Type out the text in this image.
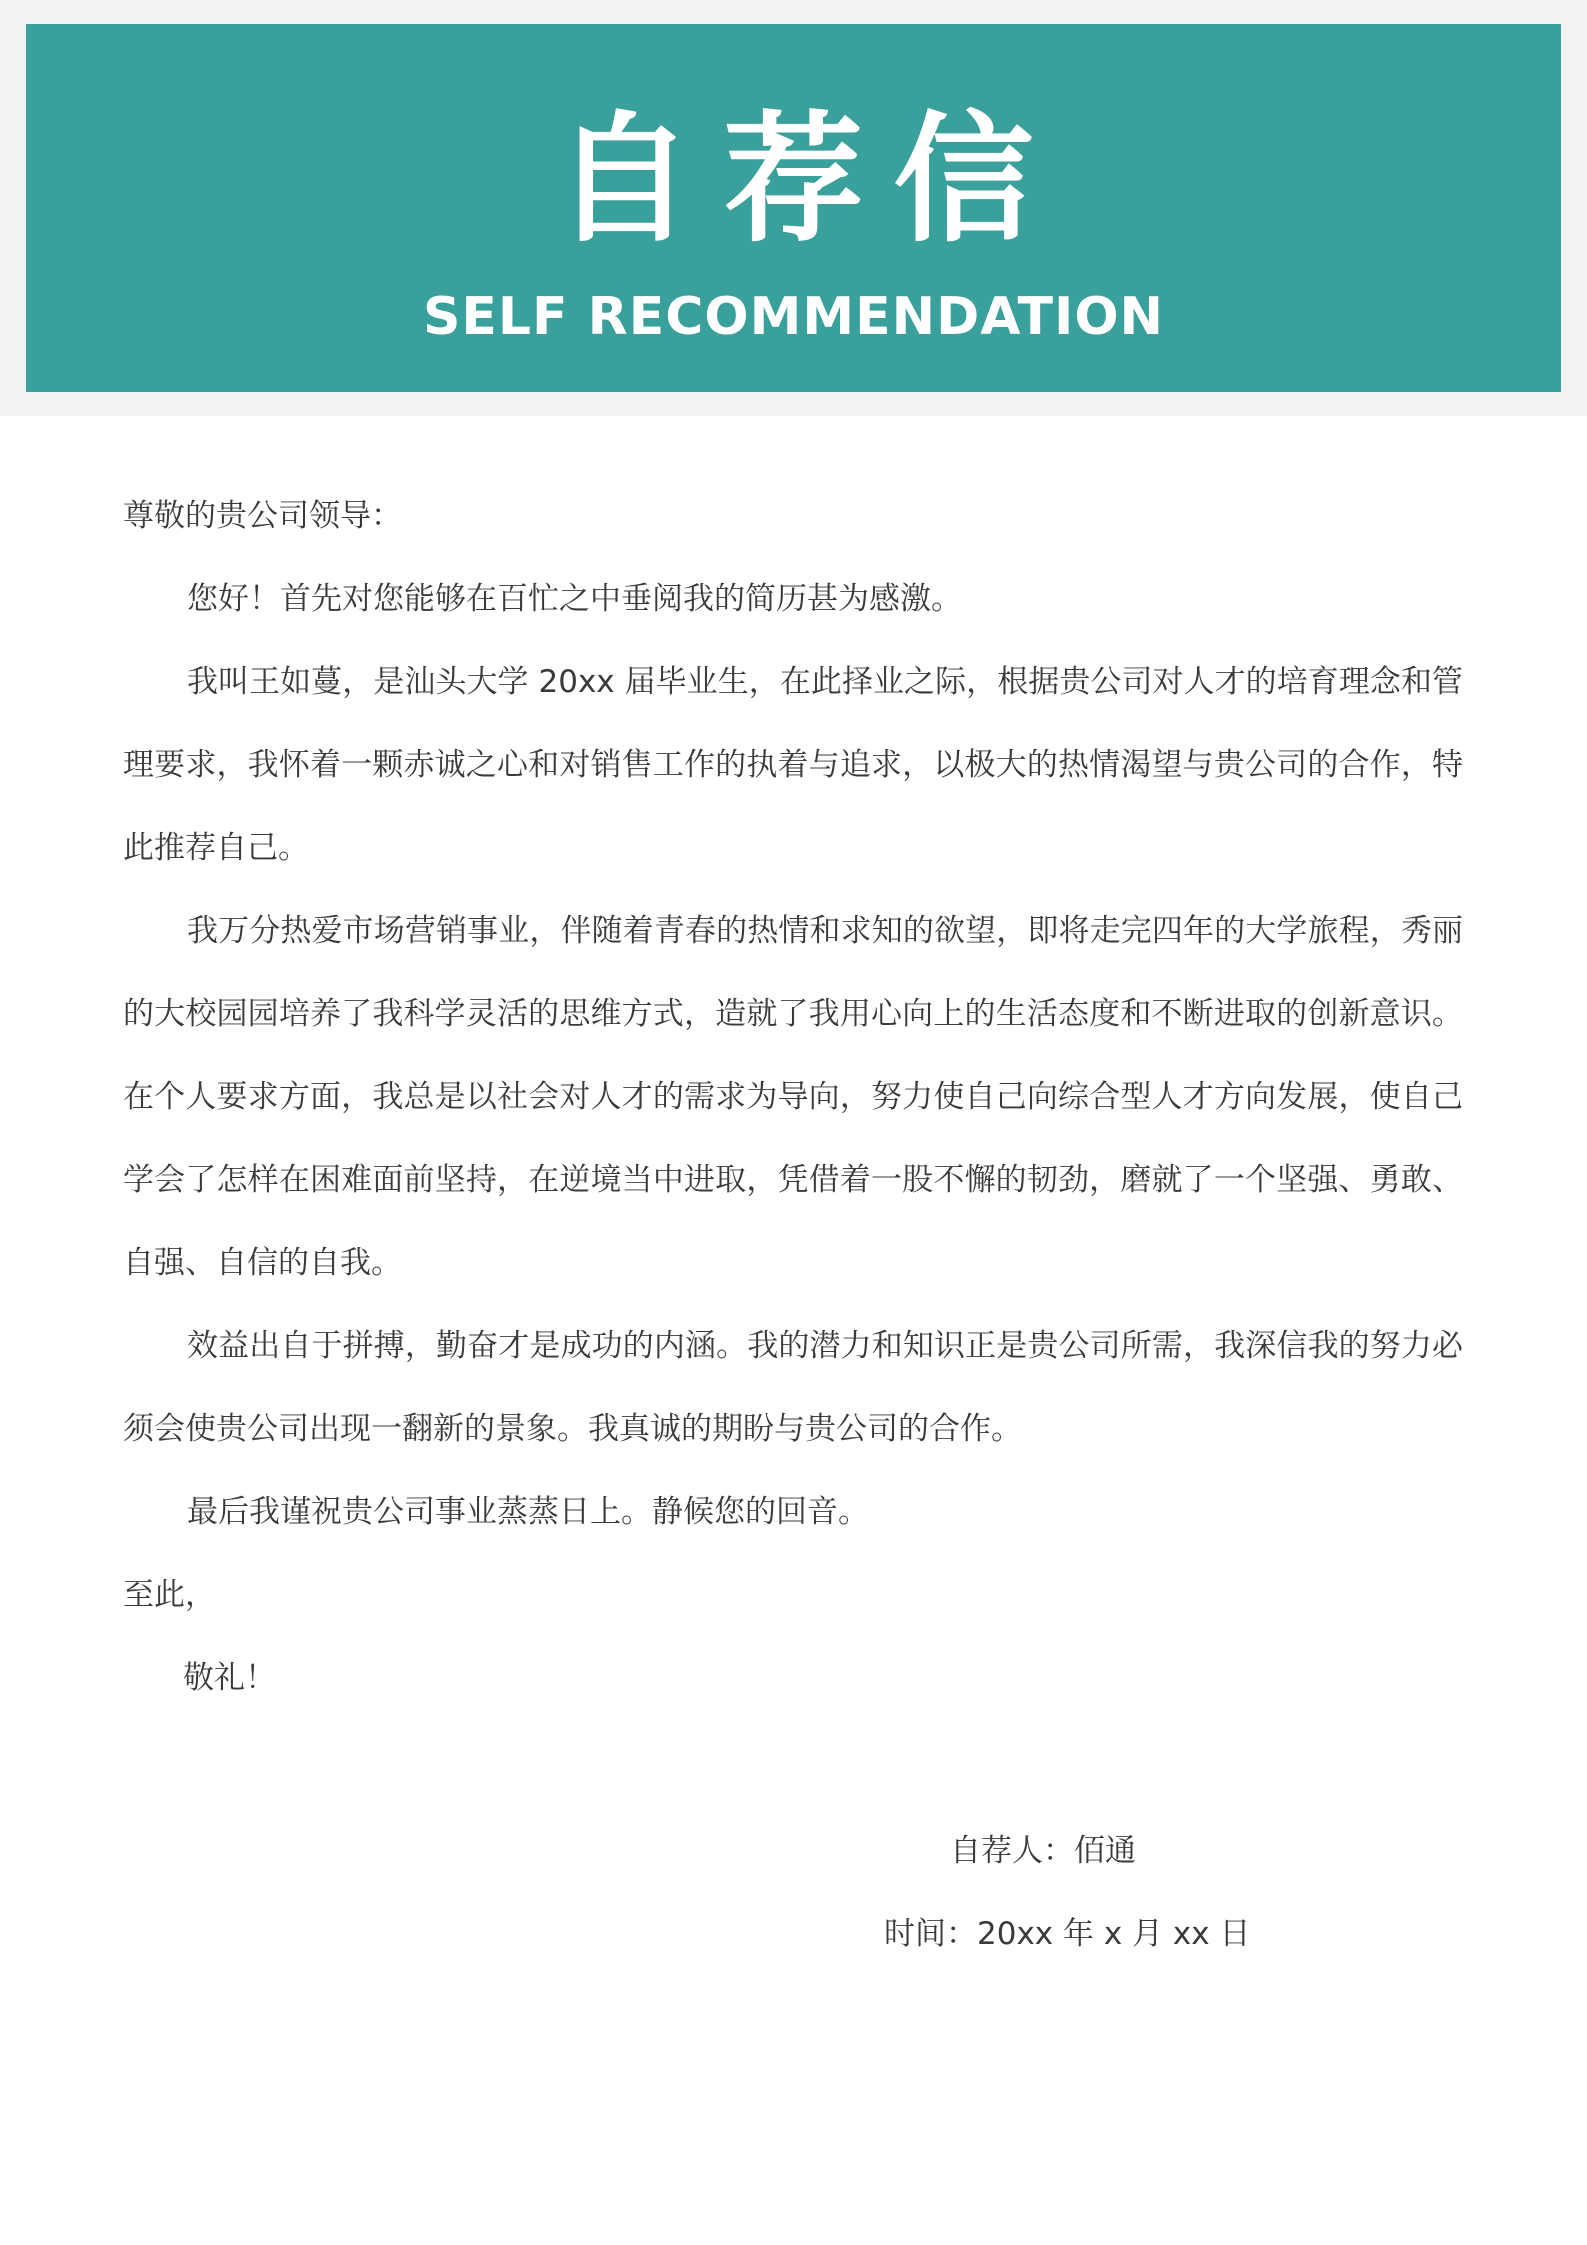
自荐信
SELF RECOMMENDATION

尊敬的贵公司领导：

您好！首先对您能够在百忙之中垂阅我的简历甚为感激。

我叫王如蔓，是汕头大学 20xx 届毕业生，在此择业之际，根据贵公司对人才的培育理念和管理要求，我怀着一颗赤诚之心和对销售工作的执着与追求，以极大的热情渴望与贵公司的合作，特此推荐自己。

我万分热爱市场营销事业，伴随着青春的热情和求知的欲望，即将走完四年的大学旅程，秀丽的大校园园培养了我科学灵活的思维方式，造就了我用心向上的生活态度和不断进取的创新意识。在个人要求方面，我总是以社会对人才的需求为导向，努力使自己向综合型人才方向发展，使自己学会了怎样在困难面前坚持，在逆境当中进取，凭借着一股不懈的韧劲，磨就了一个坚强、勇敢、自强、自信的自我。

效益出自于拼搏，勤奋才是成功的内涵。我的潜力和知识正是贵公司所需，我深信我的努力必须会使贵公司出现一翻新的景象。我真诚的期盼与贵公司的合作。

最后我谨祝贵公司事业蒸蒸日上。静候您的回音。

至此，

敬礼！

自荐人：佰通
时间：20xx 年 x 月 xx 日
